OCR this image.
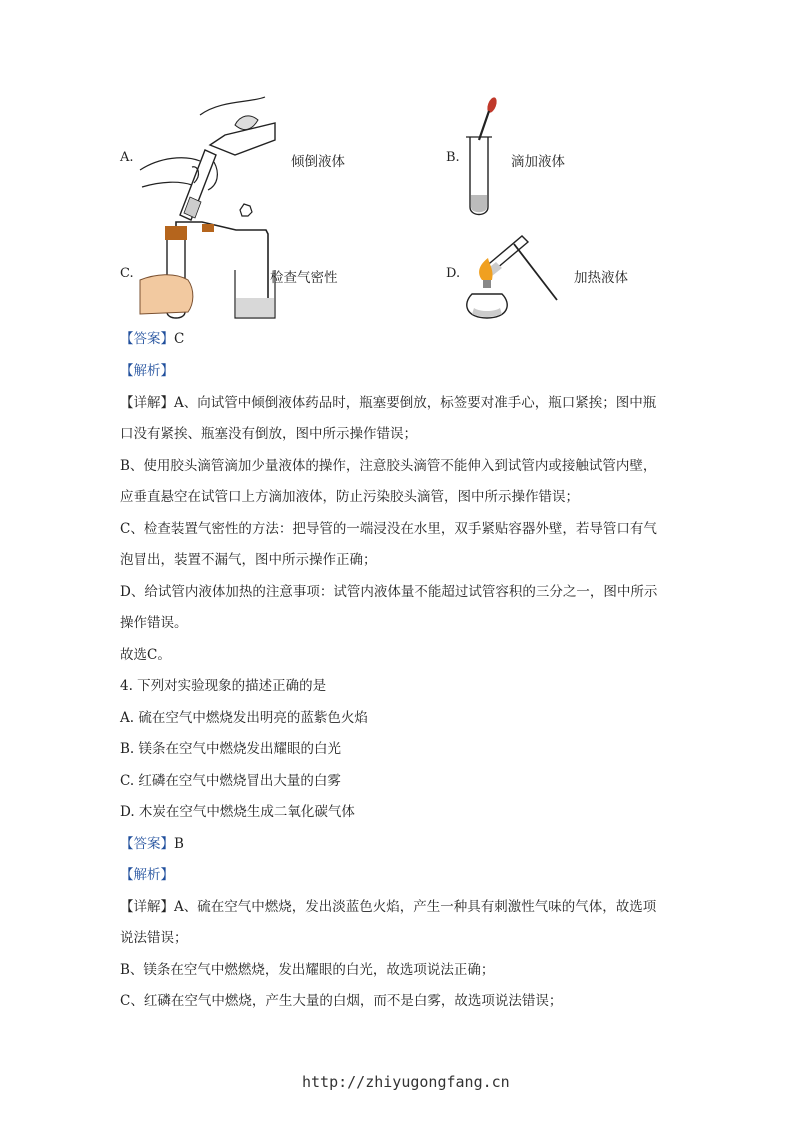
A.	倾倒液体	B.	滴加液体
C.	检查气密性	D.	加热液体
【答案】C
【解析】
【详解】A、向试管中倾倒液体药品时，瓶塞要倒放，标签要对准手心，瓶口紧挨；图中瓶
口没有紧挨、瓶塞没有倒放，图中所示操作错误；
B、使用胶头滴管滴加少量液体的操作，注意胶头滴管不能伸入到试管内或接触试管内壁，
应垂直悬空在试管口上方滴加液体，防止污染胶头滴管，图中所示操作错误；
C、检查装置气密性的方法：把导管的一端浸没在水里，双手紧贴容器外壁，若导管口有气
泡冒出，装置不漏气，图中所示操作正确；
D、给试管内液体加热的注意事项：试管内液体量不能超过试管容积的三分之一，图中所示
操作错误。
故选C。
4. 下列对实验现象的描述正确的是
A. 硫在空气中燃烧发出明亮的蓝紫色火焰
B. 镁条在空气中燃烧发出耀眼的白光
C. 红磷在空气中燃烧冒出大量的白雾
D. 木炭在空气中燃烧生成二氧化碳气体
【答案】B
【解析】
【详解】A、硫在空气中燃烧，发出淡蓝色火焰，产生一种具有刺激性气味的气体，故选项
说法错误；
B、镁条在空气中燃燃烧，发出耀眼的白光，故选项说法正确；
C、红磷在空气中燃烧，产生大量的白烟，而不是白雾，故选项说法错误；
http://zhiyugongfang.cn
